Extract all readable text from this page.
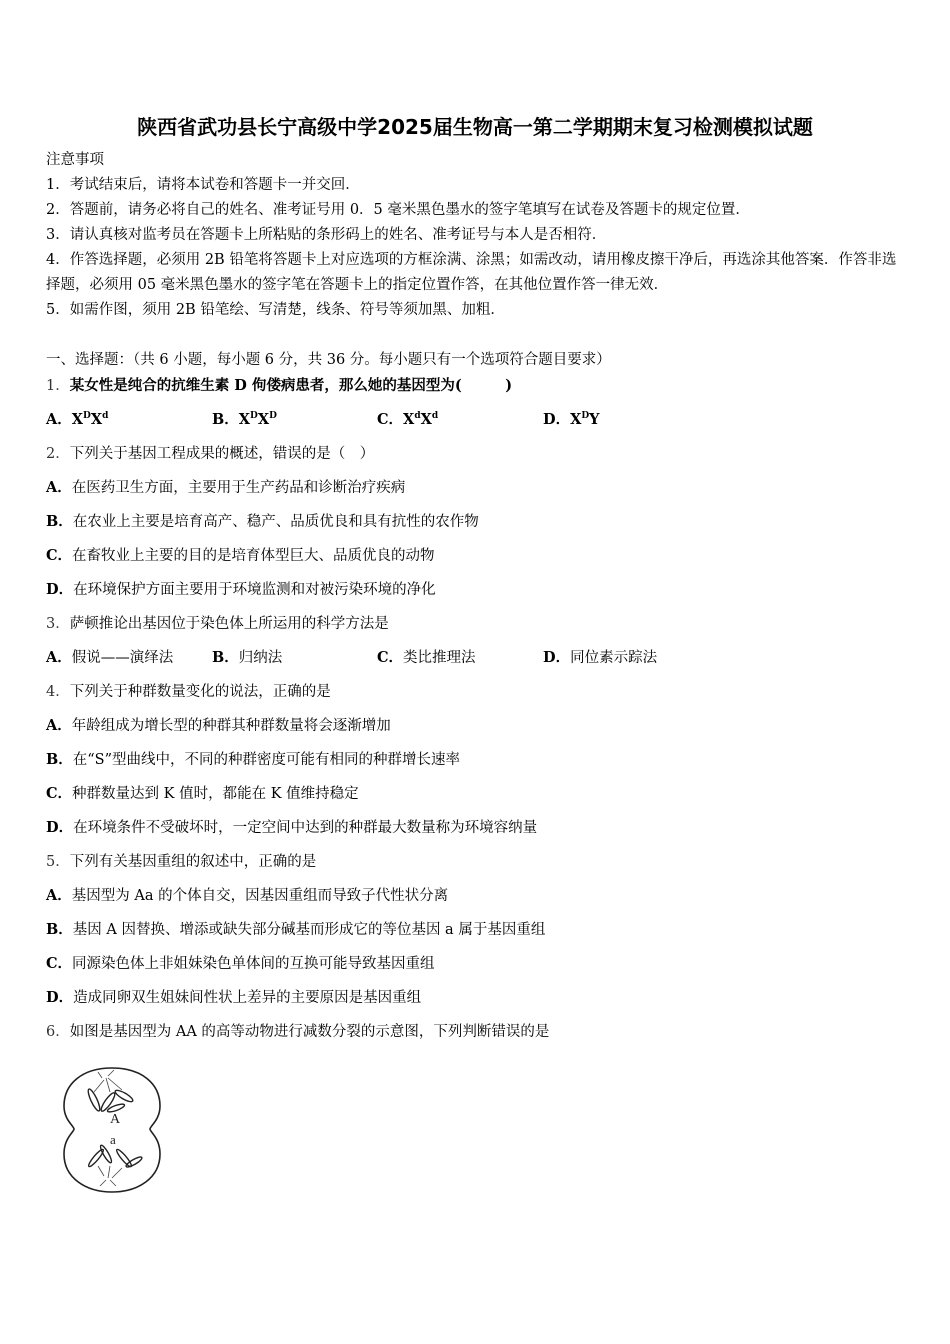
陕西省武功县长宁高级中学2025届生物高一第二学期期末复习检测模拟试题
注意事项
1．考试结束后，请将本试卷和答题卡一并交回．
2．答题前，请务必将自己的姓名、准考证号用 0．5 毫米黑色墨水的签字笔填写在试卷及答题卡的规定位置．
3．请认真核对监考员在答题卡上所粘贴的条形码上的姓名、准考证号与本人是否相符．
4．作答选择题，必须用 2B 铅笔将答题卡上对应选项的方框涂满、涂黑；如需改动，请用橡皮擦干净后，再选涂其他答案．作答非选择题，必须用 05 毫米黑色墨水的签字笔在答题卡上的指定位置作答，在其他位置作答一律无效．
5．如需作图，须用 2B 铅笔绘、写清楚，线条、符号等须加黑、加粗．
一、选择题：（共 6 小题，每小题 6 分，共 36 分。每小题只有一个选项符合题目要求）
1．某女性是纯合的抗维生素 D 佝偻病患者，那么她的基因型为(　　　)
A．$X^DX^d$	B．$X^DX^D$	C．$X^dX^d$	D．$X^DY$
2．下列关于基因工程成果的概述，错误的是（　）
A．在医药卫生方面，主要用于生产药品和诊断治疗疾病
B．在农业上主要是培育高产、稳产、品质优良和具有抗性的农作物
C．在畜牧业上主要的目的是培育体型巨大、品质优良的动物
D．在环境保护方面主要用于环境监测和对被污染环境的净化
3．萨顿推论出基因位于染色体上所运用的科学方法是
A．假说——演绎法	B．归纳法	C．类比推理法	D．同位素示踪法
4．下列关于种群数量变化的说法，正确的是
A．年龄组成为增长型的种群其种群数量将会逐渐增加
B．在“S”型曲线中，不同的种群密度可能有相同的种群增长速率
C．种群数量达到 K 值时，都能在 K 值维持稳定
D．在环境条件不受破坏时，一定空间中达到的种群最大数量称为环境容纳量
5．下列有关基因重组的叙述中，正确的是
A．基因型为 Aa 的个体自交，因基因重组而导致子代性状分离
B．基因 A 因替换、增添或缺失部分碱基而形成它的等位基因 a 属于基因重组
C．同源染色体上非姐妹染色单体间的互换可能导致基因重组
D．造成同卵双生姐妹间性状上差异的主要原因是基因重组
6．如图是基因型为 AA 的高等动物进行减数分裂的示意图，下列判断错误的是
A
a
